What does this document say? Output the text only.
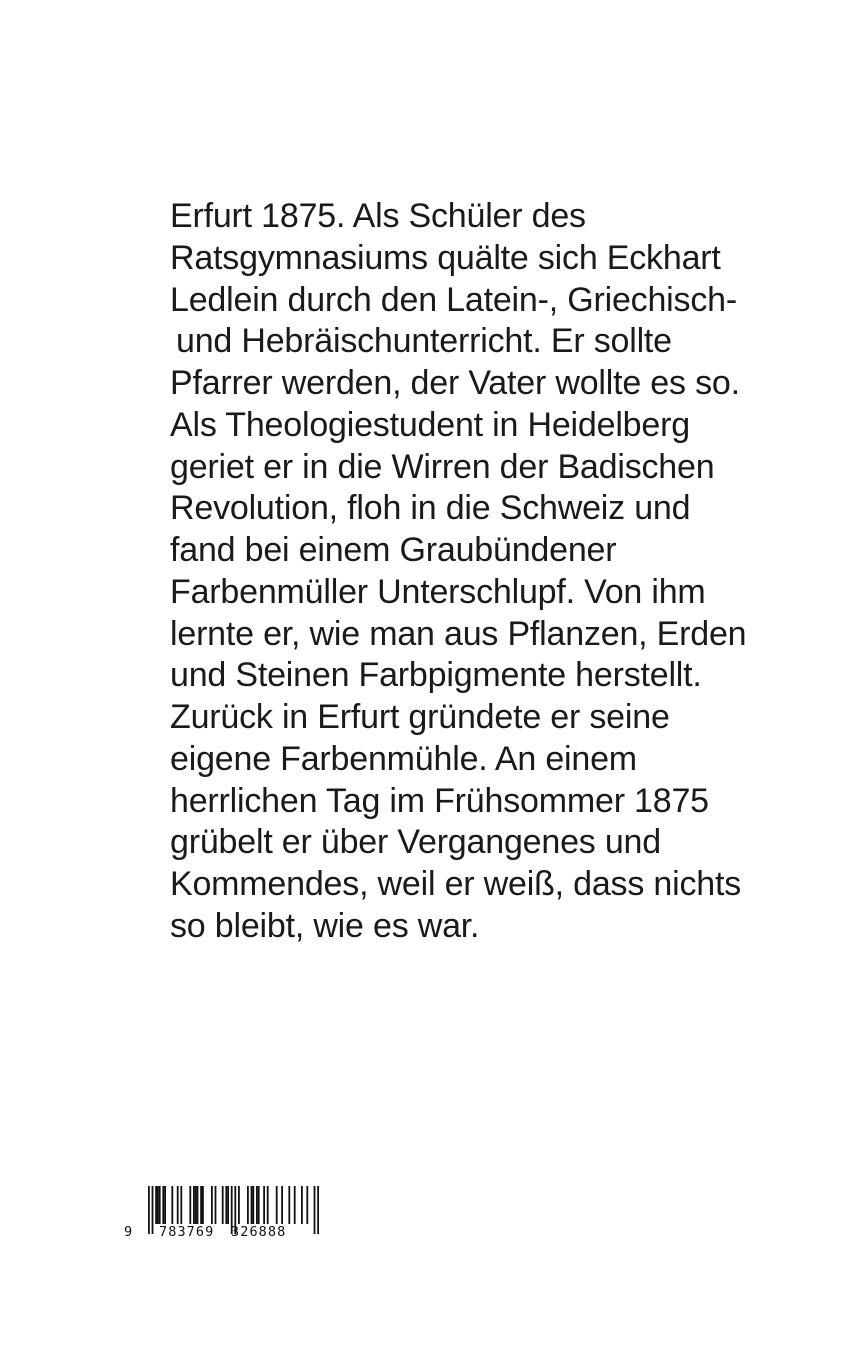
Erfurt 1875. Als Schüler des
Ratsgymnasiums quälte sich Eckhart
Ledlein durch den Latein-, Griechisch-
und Hebräischunterricht. Er sollte
Pfarrer werden, der Vater wollte es so.
Als Theologiestudent in Heidelberg
geriet er in die Wirren der Badischen
Revolution, floh in die Schweiz und
fand bei einem Graubündener
Farbenmüller Unterschlupf. Von ihm
lernte er, wie man aus Pflanzen, Erden
und Steinen Farbpigmente herstellt.
Zurück in Erfurt gründete er seine
eigene Farbenmühle. An einem
herrlichen Tag im Frühsommer 1875
grübelt er über Vergangenes und
Kommendes, weil er weiß, dass nichts
so bleibt, wie es war.
9 783769 326888
